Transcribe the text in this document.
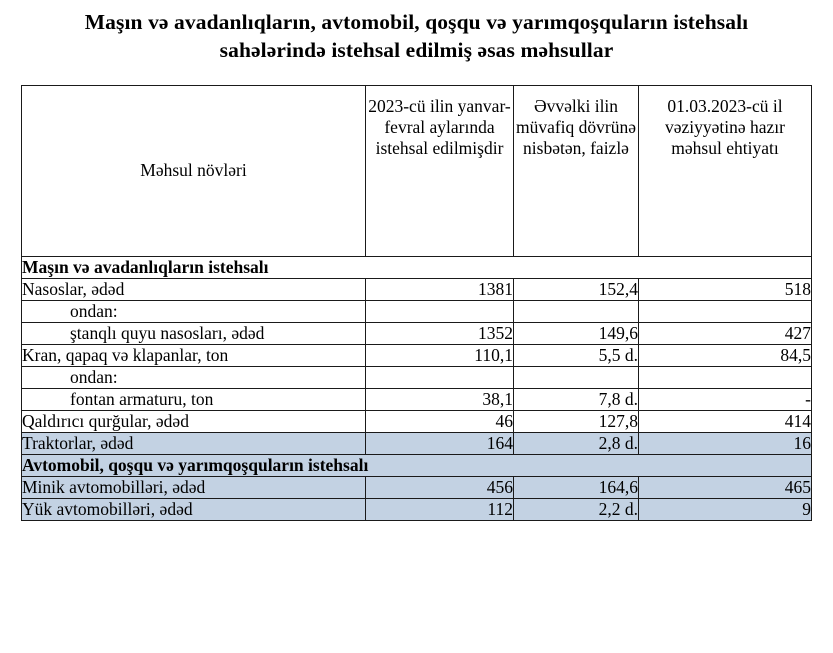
Maşın və avadanlıqların, avtomobil, qoşqu və yarımqoşquların istehsalı sahələrində istehsal edilmiş əsas məhsullar
Məhsul növləri	2023-cü ilin yanvar-fevral aylarında istehsal edilmişdir	Əvvəlki ilin müvafiq dövrünə nisbətən, faizlə	01.03.2023-cü il vəziyyətinə hazır məhsul ehtiyatı
Maşın və avadanlıqların istehsalı			
Nasoslar, ədəd	1381	152,4	518
ondan:			
ştanqlı quyu nasosları, ədəd	1352	149,6	427
Kran, qapaq və klapanlar, ton	110,1	5,5 d.	84,5
ondan:			
fontan armaturu, ton	38,1	7,8 d.	-
Qaldırıcı qurğular, ədəd	46	127,8	414
Traktorlar, ədəd	164	2,8 d.	16
Avtomobil, qoşqu və yarımqoşquların istehsalı			
Minik avtomobilləri, ədəd	456	164,6	465
Yük avtomobilləri, ədəd	112	2,2 d.	9
